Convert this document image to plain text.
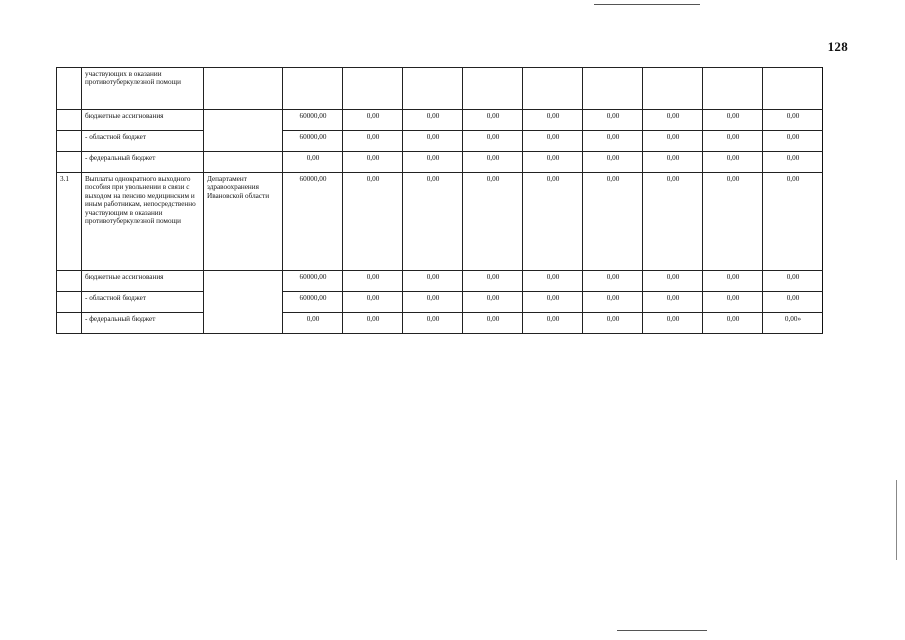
128
	участвующих в оказании противотуберкулезной помощи										
	бюджетные ассигнования		60000,00	0,00	0,00	0,00	0,00	0,00	0,00	0,00	0,00
	- областной бюджет		60000,00	0,00	0,00	0,00	0,00	0,00	0,00	0,00	0,00
	- федеральный бюджет		0,00	0,00	0,00	0,00	0,00	0,00	0,00	0,00	0,00
3.1	Выплаты однократного выходного пособия при увольнении в связи с выходом на пенсию медицинским и иным работникам, непосредственно участвующим в оказании противотуберкулезной помощи	Департамент здравоохранения Ивановской области	60000,00	0,00	0,00	0,00	0,00	0,00	0,00	0,00	0,00
	бюджетные ассигнования		60000,00	0,00	0,00	0,00	0,00	0,00	0,00	0,00	0,00
	- областной бюджет		60000,00	0,00	0,00	0,00	0,00	0,00	0,00	0,00	0,00
	- федеральный бюджет		0,00	0,00	0,00	0,00	0,00	0,00	0,00	0,00	0,00»
